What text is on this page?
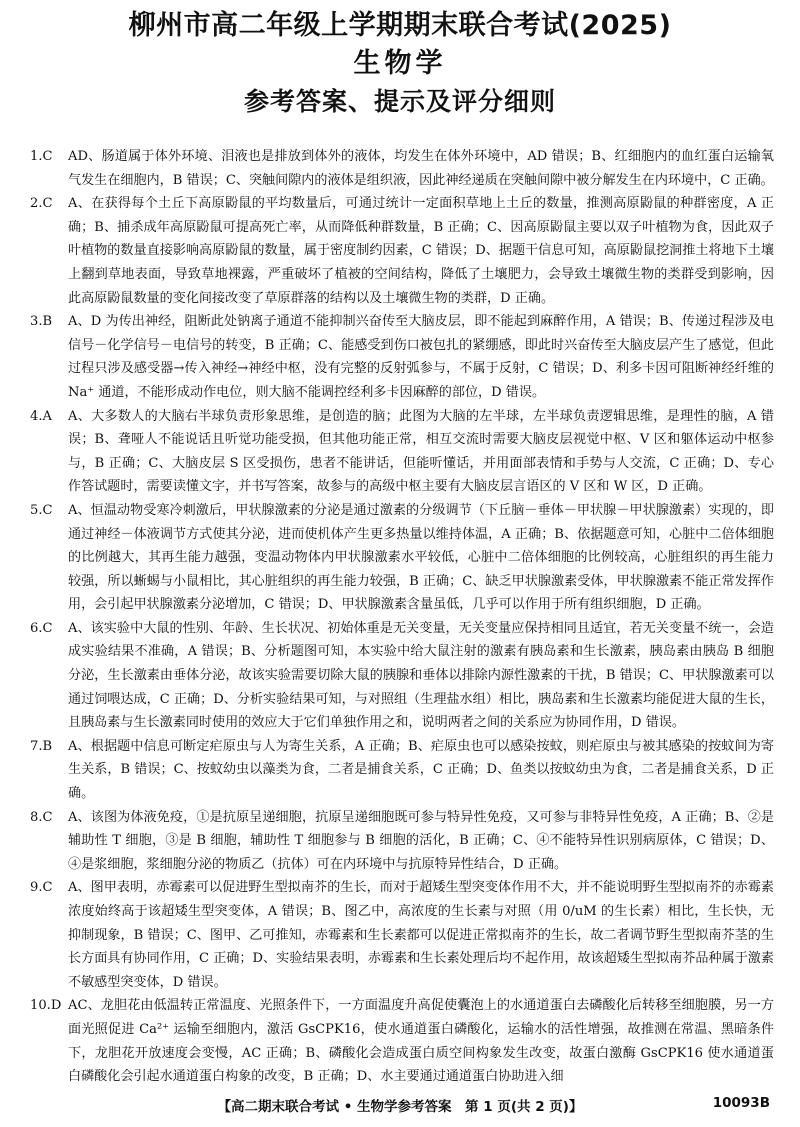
柳州市高二年级上学期期末联合考试(2025)
生物学
参考答案、提示及评分细则
1.C	AD、肠道属于体外环境、泪液也是排放到体外的液体，均发生在体外环境中，AD 错误；B、红细胞内的血红蛋白运输氧气发生在细胞内，B 错误；C、突触间隙内的液体是组织液，因此神经递质在突触间隙中被分解发生在内环境中，C 正确。
2.C	A、在获得每个土丘下高原鼢鼠的平均数量后，可通过统计一定面积草地上土丘的数量，推测高原鼢鼠的种群密度，A 正确；B、捕杀成年高原鼢鼠可提高死亡率，从而降低种群数量，B 正确；C、因高原鼢鼠主要以双子叶植物为食，因此双子叶植物的数量直接影响高原鼢鼠的数量，属于密度制约因素，C 错误；D、据题干信息可知，高原鼢鼠挖洞推土将地下土壤上翻到草地表面，导致草地裸露，严重破坏了植被的空间结构，降低了土壤肥力，会导致土壤微生物的类群受到影响，因此高原鼢鼠数量的变化间接改变了草原群落的结构以及土壤微生物的类群，D 正确。
3.B	A、D 为传出神经，阻断此处钠离子通道不能抑制兴奋传至大脑皮层，即不能起到麻醉作用，A 错误；B、传递过程涉及电信号－化学信号－电信号的转变，B 正确；C、能感受到伤口被包扎的紧绷感，即此时兴奋传至大脑皮层产生了感觉，但此过程只涉及感受器→传入神经→神经中枢，没有完整的反射弧参与，不属于反射，C 错误；D、利多卡因可阻断神经纤维的 Na⁺ 通道，不能形成动作电位，则大脑不能调控经利多卡因麻醉的部位，D 错误。
4.A	A、大多数人的大脑右半球负责形象思维，是创造的脑；此图为大脑的左半球，左半球负责逻辑思维，是理性的脑，A 错误；B、聋哑人不能说话且听觉功能受损，但其他功能正常，相互交流时需要大脑皮层视觉中枢、V 区和躯体运动中枢参与，B 正确；C、大脑皮层 S 区受损伤，患者不能讲话，但能听懂话，并用面部表情和手势与人交流，C 正确；D、专心作答试题时，需要读懂文字，并书写答案，故参与的高级中枢主要有大脑皮层言语区的 V 区和 W 区，D 正确。
5.C	A、恒温动物受寒冷刺激后，甲状腺激素的分泌是通过激素的分级调节（下丘脑－垂体－甲状腺－甲状腺激素）实现的，即通过神经－体液调节方式使其分泌，进而使机体产生更多热量以维持体温，A 正确；B、依据题意可知，心脏中二倍体细胞的比例越大，其再生能力越强，变温动物体内甲状腺激素水平较低，心脏中二倍体细胞的比例较高，心脏组织的再生能力较强，所以蜥蜴与小鼠相比，其心脏组织的再生能力较强，B 正确；C、缺乏甲状腺激素受体，甲状腺激素不能正常发挥作用，会引起甲状腺激素分泌增加，C 错误；D、甲状腺激素含量虽低，几乎可以作用于所有组织细胞，D 正确。
6.C	A、该实验中大鼠的性别、年龄、生长状况、初始体重是无关变量，无关变量应保持相同且适宜，若无关变量不统一，会造成实验结果不准确，A 错误；B、分析题图可知，本实验中给大鼠注射的激素有胰岛素和生长激素，胰岛素由胰岛 B 细胞分泌，生长激素由垂体分泌，故该实验需要切除大鼠的胰腺和垂体以排除内源性激素的干扰，B 错误；C、甲状腺激素可以通过饲喂达成，C 正确；D、分析实验结果可知，与对照组（生理盐水组）相比，胰岛素和生长激素均能促进大鼠的生长，且胰岛素与生长激素同时使用的效应大于它们单独作用之和，说明两者之间的关系应为协同作用，D 错误。
7.B	A、根据题中信息可断定疟原虫与人为寄生关系，A 正确；B、疟原虫也可以感染按蚊，则疟原虫与被其感染的按蚊间为寄生关系，B 错误；C、按蚊幼虫以藻类为食，二者是捕食关系，C 正确；D、鱼类以按蚊幼虫为食，二者是捕食关系，D 正确。
8.C	A、该图为体液免疫，①是抗原呈递细胞，抗原呈递细胞既可参与特异性免疫，又可参与非特异性免疫，A 正确；B、②是辅助性 T 细胞，③是 B 细胞，辅助性 T 细胞参与 B 细胞的活化，B 正确；C、④不能特异性识别病原体，C 错误；D、④是浆细胞，浆细胞分泌的物质乙（抗体）可在内环境中与抗原特异性结合，D 正确。
9.C	A、图甲表明，赤霉素可以促进野生型拟南芥的生长，而对于超矮生型突变体作用不大，并不能说明野生型拟南芥的赤霉素浓度始终高于该超矮生型突变体，A 错误；B、图乙中，高浓度的生长素与对照（用 0/uM 的生长素）相比，生长快，无抑制现象，B 错误；C、图甲、乙可推知，赤霉素和生长素都可以促进正常拟南芥的生长，故二者调节野生型拟南芥茎的生长方面具有协同作用，C 正确；D、实验结果表明，赤霉素和生长素处理后均不起作用，故该超矮生型拟南芥品种属于激素不敏感型突变体，D 错误。
10.D AC、龙胆花由低温转正常温度、光照条件下，一方面温度升高促使囊泡上的水通道蛋白去磷酸化后转移至细胞膜，另一方面光照促进 Ca²⁺ 运输至细胞内，激活 GsCPK16，使水通道蛋白磷酸化，运输水的活性增强，故推测在常温、黑暗条件下，龙胆花开放速度会变慢，AC 正确；B、磷酸化会造成蛋白质空间构象发生改变，故蛋白激酶 GsCPK16 使水通道蛋白磷酸化会引起水通道蛋白构象的改变，B 正确；D、水主要通过通道蛋白协助进入细
【高二期末联合考试 • 生物学参考答案　第 1 页(共 2 页)】	10093B
